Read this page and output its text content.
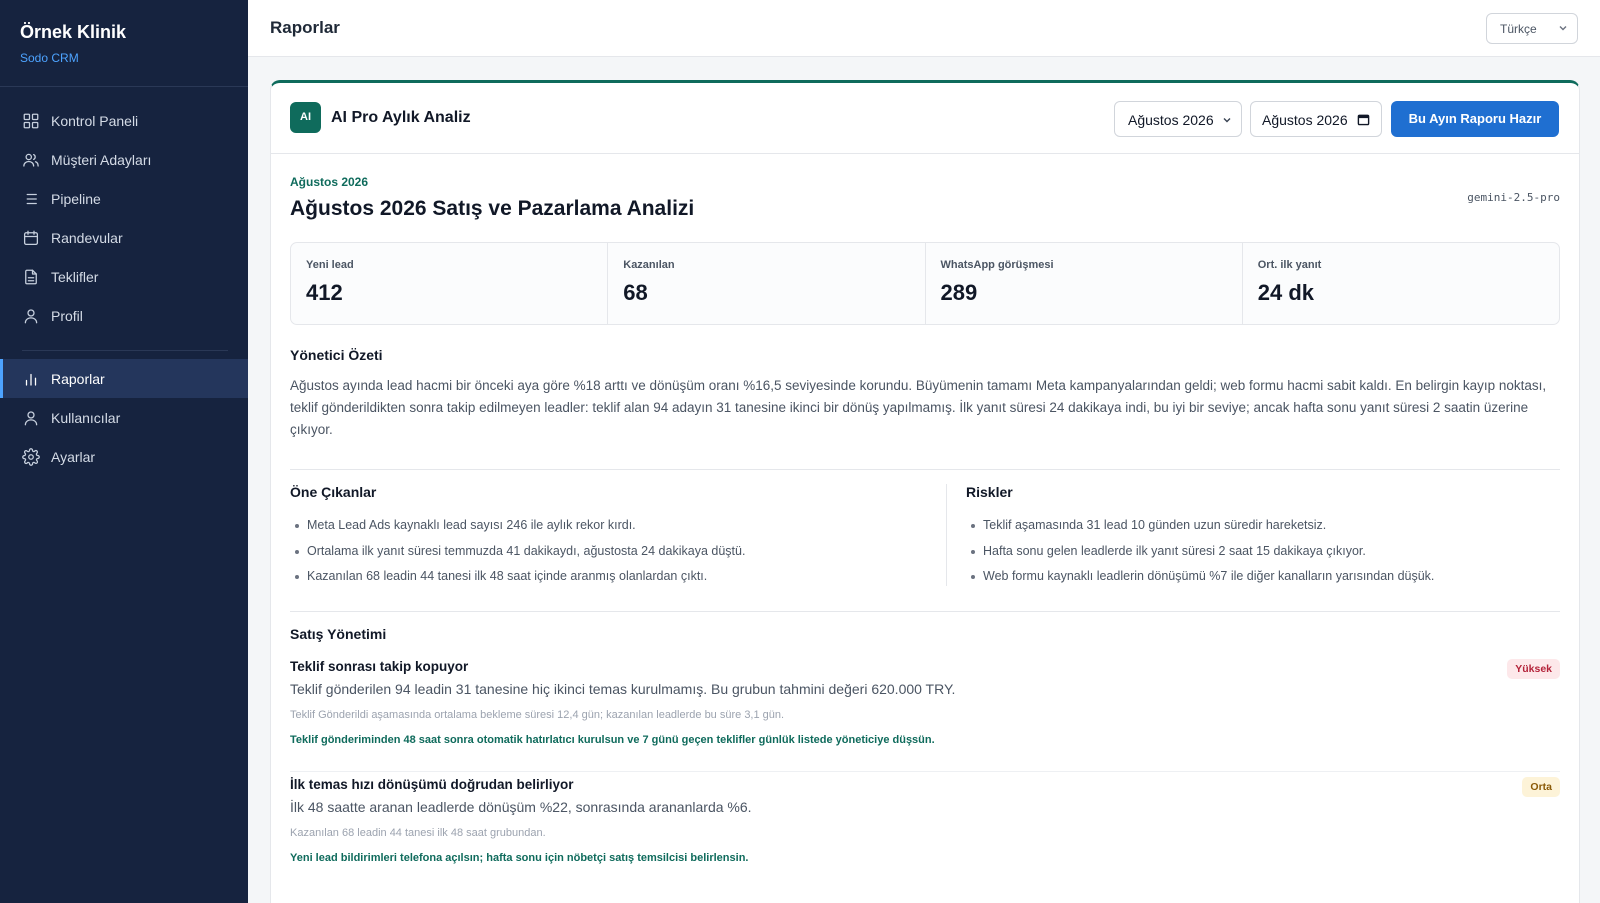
Örnek Klinik
Sodo CRM
Kontrol Paneli
Müşteri Adayları
Pipeline
Randevular
Teklifler
Profil
Raporlar
Kullanıcılar
Ayarlar
Raporlar	Türkçe
AI	AI Pro Aylık Analiz	Ağustos 2026	Ağustos 2026	Bu Ayın Raporu Hazır
Ağustos 2026
Ağustos 2026 Satış ve Pazarlama Analizi	gemini-2.5-pro
Yeni lead
412
Kazanılan
68
WhatsApp görüşmesi
289
Ort. ilk yanıt
24 dk
Yönetici Özeti

Ağustos ayında lead hacmi bir önceki aya göre %18 arttı ve dönüşüm oranı %16,5 seviyesinde korundu. Büyümenin tamamı Meta kampanyalarından geldi; web formu hacmi sabit kaldı. En belirgin kayıp noktası, teklif gönderildikten sonra takip edilmeyen leadler: teklif alan 94 adayın 31 tanesine ikinci bir dönüş yapılmamış. İlk yanıt süresi 24 dakikaya indi, bu iyi bir seviye; ancak hafta sonu yanıt süresi 2 saatin üzerine çıkıyor.

Öne Çıkanlar
Meta Lead Ads kaynaklı lead sayısı 246 ile aylık rekor kırdı.
Ortalama ilk yanıt süresi temmuzda 41 dakikaydı, ağustosta 24 dakikaya düştü.
Kazanılan 68 leadin 44 tanesi ilk 48 saat içinde aranmış olanlardan çıktı.
Riskler
Teklif aşamasında 31 lead 10 günden uzun süredir hareketsiz.
Hafta sonu gelen leadlerde ilk yanıt süresi 2 saat 15 dakikaya çıkıyor.
Web formu kaynaklı leadlerin dönüşümü %7 ile diğer kanalların yarısından düşük.
Satış Yönetimi
Teklif sonrası takip kopuyor	Yüksek
Teklif gönderilen 94 leadin 31 tanesine hiç ikinci temas kurulmamış. Bu grubun tahmini değeri 620.000 TRY.
Teklif Gönderildi aşamasında ortalama bekleme süresi 12,4 gün; kazanılan leadlerde bu süre 3,1 gün.
Teklif gönderiminden 48 saat sonra otomatik hatırlatıcı kurulsun ve 7 günü geçen teklifler günlük listede yöneticiye düşsün.
İlk temas hızı dönüşümü doğrudan belirliyor	Orta
İlk 48 saatte aranan leadlerde dönüşüm %22, sonrasında arananlarda %6.
Kazanılan 68 leadin 44 tanesi ilk 48 saat grubundan.
Yeni lead bildirimleri telefona açılsın; hafta sonu için nöbetçi satış temsilcisi belirlensin.
